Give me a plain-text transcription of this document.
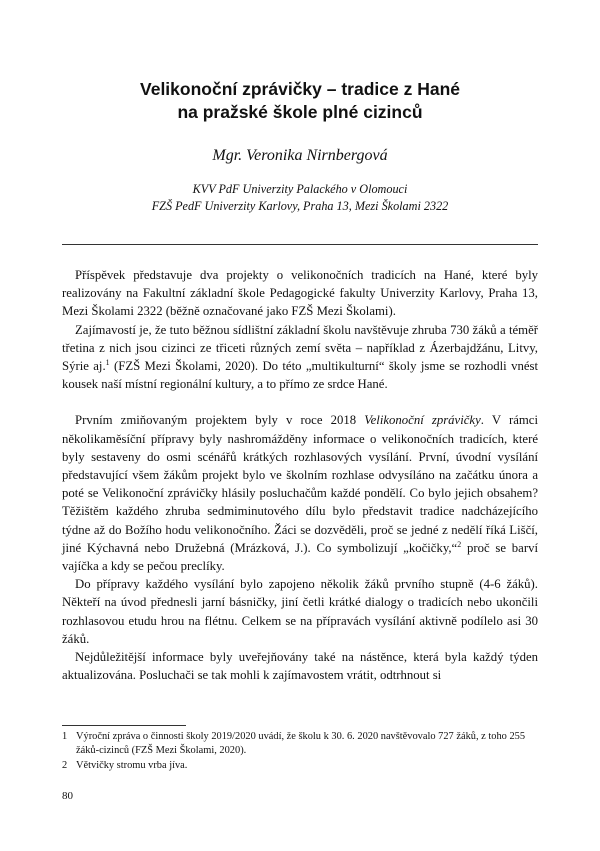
Velikonoční zprávičky – tradice z Hané
na pražské škole plné cizinců

Mgr. Veronika Nirnbergová

KVV PdF Univerzity Palackého v Olomouci
FZŠ PedF Univerzity Karlovy, Praha 13, Mezi Školami 2322

Příspěvek představuje dva projekty o velikonočních tradicích na Hané, které byly realizovány na Fakultní základní škole Pedagogické fakulty Univerzity Karlovy, Praha 13, Mezi Školami 2322 (běžně označované jako FZŠ Mezi Školami).

Zajímavostí je, že tuto běžnou sídlištní základní školu navštěvuje zhruba 730 žáků a téměř třetina z nich jsou cizinci ze třiceti různých zemí světa – například z Ázerbajdžánu, Litvy, Sýrie aj.$^1$ (FZŠ Mezi Školami, 2020). Do této „multikulturní“ školy jsme se rozhodli vnést kousek naší místní regionální kultury, a to přímo ze srdce Hané.

Prvním zmiňovaným projektem byly v roce 2018 Velikonoční zprávičky. V rámci několikaměsíční přípravy byly nashromážděny informace o velikonočních tradicích, které byly sestaveny do osmi scénářů krátkých rozhlasových vysílání. První, úvodní vysílání představující všem žákům projekt bylo ve školním rozhlase odvysíláno na začátku února a poté se Velikonoční zprávičky hlásily posluchačům každé pondělí. Co bylo jejich obsahem? Těžištěm každého zhruba sedmiminutového dílu bylo představit tradice nadcházejícího týdne až do Božího hodu velikonočního. Žáci se dozvěděli, proč se jedné z nedělí říká Liščí, jiné Kýchavná nebo Družebná (Mrázková, J.). Co symbolizují „kočičky,“$^2$ proč se barví vajíčka a kdy se pečou preclíky.

Do přípravy každého vysílání bylo zapojeno několik žáků prvního stupně (4-6 žáků). Někteří na úvod přednesli jarní básničky, jiní četli krátké dialogy o tradicích nebo ukončili rozhlasovou etudu hrou na flétnu. Celkem se na přípravách vysílání aktivně podílelo asi 30 žáků.

Nejdůležitější informace byly uveřejňovány také na nástěnce, která byla každý týden aktualizována. Posluchači se tak mohli k zajímavostem vrátit, odtrhnout si

1 Výroční zpráva o činnosti školy 2019/2020 uvádí, že školu k 30. 6. 2020 navštěvovalo 727 žáků, z toho 255 žáků-cizinců (FZŠ Mezi Školami, 2020).
2 Větvičky stromu vrba jíva.

80
